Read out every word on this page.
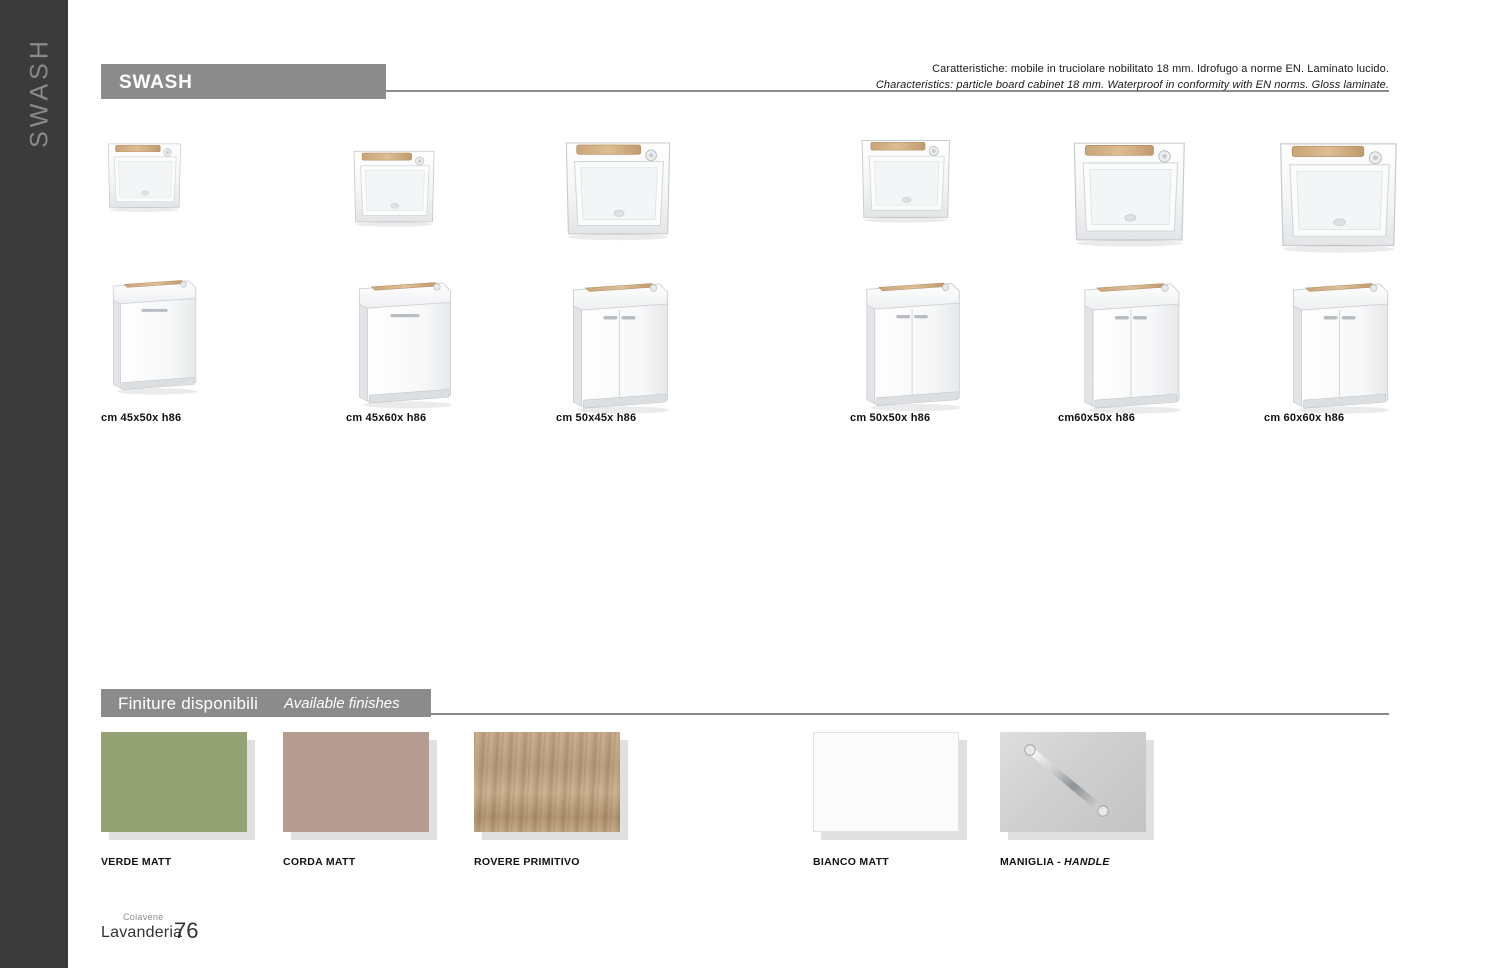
SWASH	SWASH
Caratteristiche: mobile in truciolare nobilitato 18 mm. Idrofugo a norme EN. Laminato lucido.
Characteristics: particle board cabinet 18 mm. Waterproof in conformity with EN norms. Gloss laminate.
cm 45x50x h86	cm 45x60x h86	cm 50x45x h86	cm 50x50x h86	cm60x50x h86	cm 60x60x h86
Finiture disponibili Available finishes
VERDE MATT	CORDA MATT	ROVERE PRIMITIVO	BIANCO MATT	MANIGLIA - HANDLE
Colavene
Lavanderia
76
